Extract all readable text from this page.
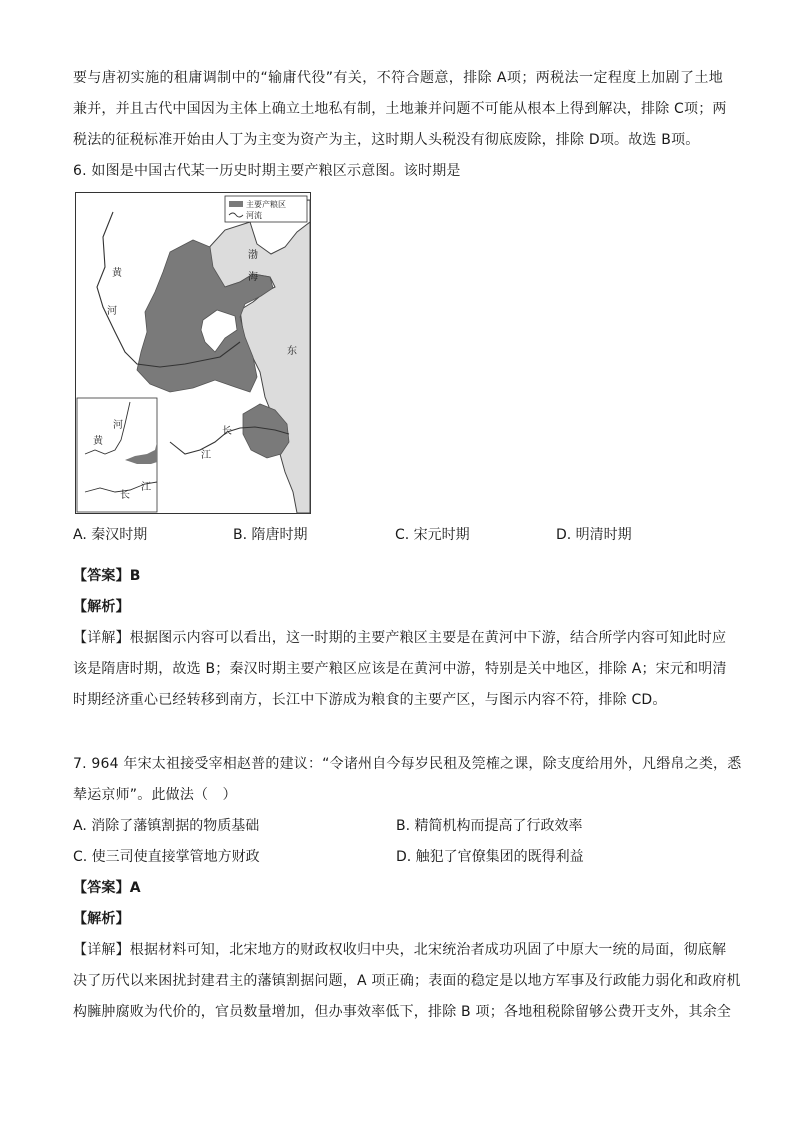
要与唐初实施的租庸调制中的“输庸代役”有关，不符合题意，排除 A项；两税法一定程度上加剧了土地
兼并，并且古代中国因为主体上确立土地私有制，土地兼并问题不可能从根本上得到解决，排除 C项；两
税法的征税标准开始由人丁为主变为资产为主，这时期人头税没有彻底废除，排除 D项。故选 B项。
6. 如图是中国古代某一历史时期主要产粮区示意图。该时期是
主要产粮区
河流
渤
海
东
黄
河
长
江
河
黄
长
江
A. 秦汉时期	B. 隋唐时期	C. 宋元时期	D. 明清时期
【答案】B
【解析】
【详解】根据图示内容可以看出，这一时期的主要产粮区主要是在黄河中下游，结合所学内容可知此时应
该是隋唐时期，故选 B；秦汉时期主要产粮区应该是在黄河中游，特别是关中地区，排除 A；宋元和明清
时期经济重心已经转移到南方，长江中下游成为粮食的主要产区，与图示内容不符，排除 CD。
7. 964 年宋太祖接受宰相赵普的建议：“令诸州自今每岁民租及筦榷之课，除支度给用外，凡缗帛之类，悉
辇运京师”。此做法（　）
A. 消除了藩镇割据的物质基础	B. 精简机构而提高了行政效率
C. 使三司使直接掌管地方财政	D. 触犯了官僚集团的既得利益
【答案】A
【解析】
【详解】根据材料可知，北宋地方的财政权收归中央，北宋统治者成功巩固了中原大一统的局面，彻底解
决了历代以来困扰封建君主的藩镇割据问题，A 项正确；表面的稳定是以地方军事及行政能力弱化和政府机
构臃肿腐败为代价的，官员数量增加，但办事效率低下，排除 B 项；各地租税除留够公费开支外，其余全
